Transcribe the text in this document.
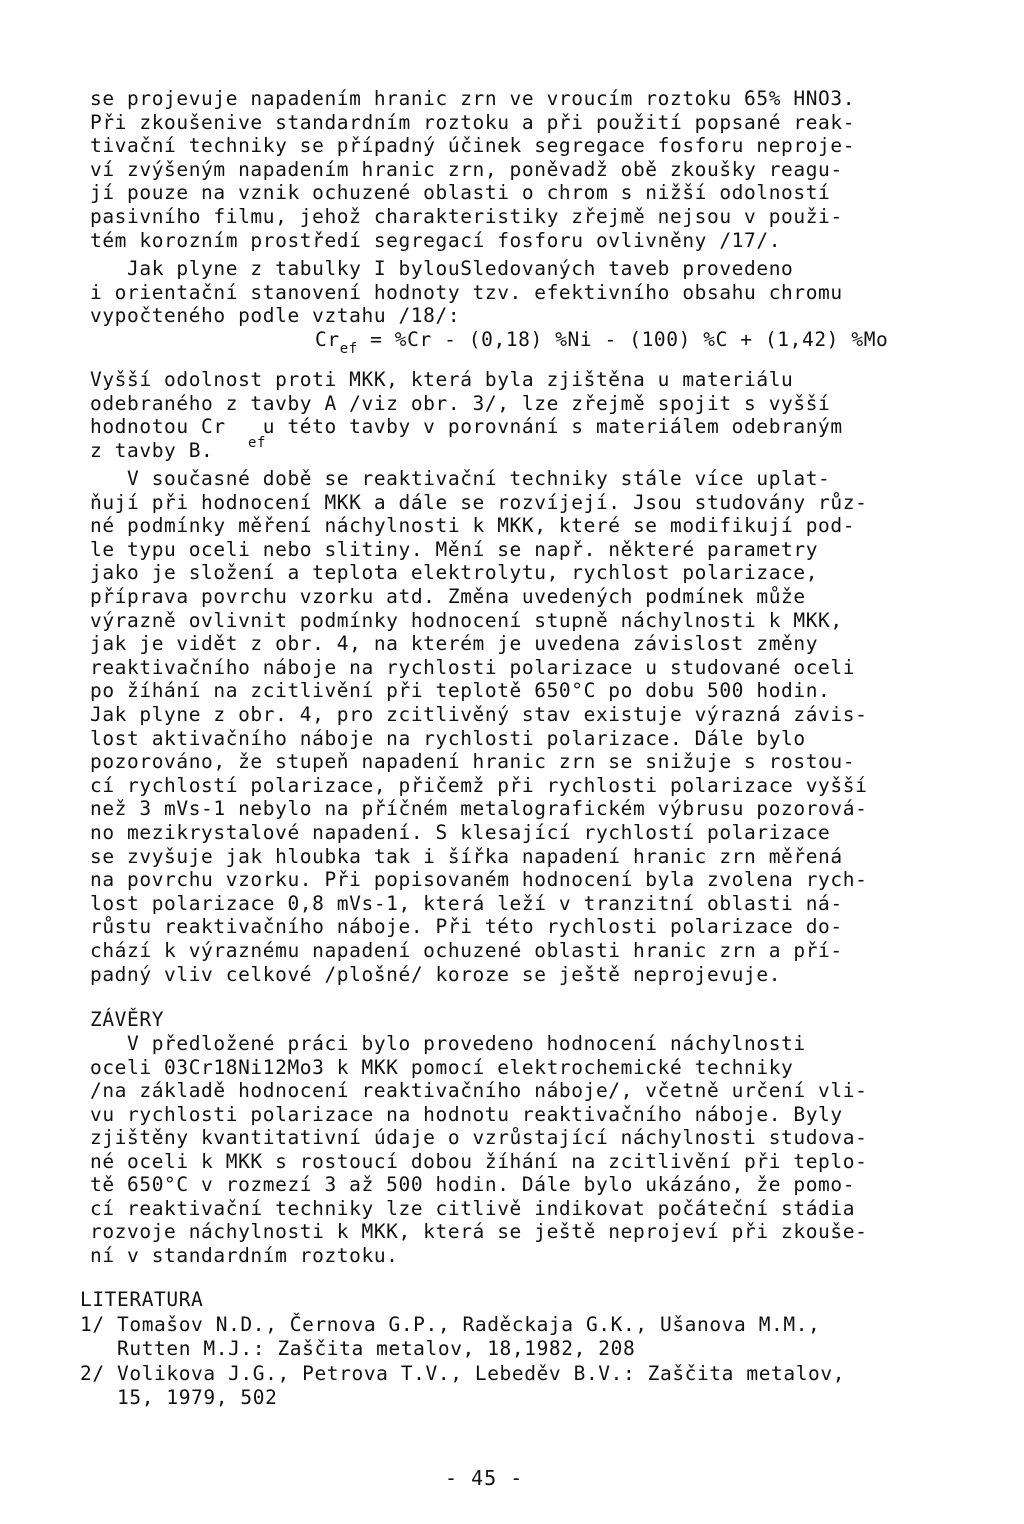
se projevuje napadením hranic zrn ve vroucím roztoku 65% HNO3.
Při zkoušenive standardním roztoku a při použití popsané reak-
tivační techniky se případný účinek segregace fosforu neproje-
ví zvýšeným napadením hranic zrn, poněvadž obě zkoušky reagu-
jí pouze na vznik ochuzené oblasti o chrom s nižší odolností
pasivního filmu, jehož charakteristiky zřejmě nejsou v použi-
tém korozním prostředí segregací fosforu ovlivněny /17/.
Jak plyne z tabulky I bylouSledovaných taveb provedeno
i orientační stanovení hodnoty tzv. efektivního obsahu chromu
vypočteného podle vztahu /18/:
$Cr_{ef} = \%Cr - (0,18)$ %Ni - (100) %C + (1,42) %Mo
Vyšší odolnost proti MKK, která byla zjištěna u materiálu
odebraného z tavby A /viz obr. 3/, lze zřejmě spojit s vyšší
hodnotou Cr   u této tavby v porovnání s materiálem odebraným
ef
z tavby B.
V současné době se reaktivační techniky stále více uplat-
ňují při hodnocení MKK a dále se rozvíjejí. Jsou studovány růz-
né podmínky měření náchylnosti k MKK, které se modifikují pod-
le typu oceli nebo slitiny. Mění se např. některé parametry
jako je složení a teplota elektrolytu, rychlost polarizace,
příprava povrchu vzorku atd. Změna uvedených podmínek může
výrazně ovlivnit podmínky hodnocení stupně náchylnosti k MKK,
jak je vidět z obr. 4, na kterém je uvedena závislost změny
reaktivačního náboje na rychlosti polarizace u studované oceli
po žíhání na zcitlivění při teplotě 650°C po dobu 500 hodin.
Jak plyne z obr. 4, pro zcitlivěný stav existuje výrazná závis-
lost aktivačního náboje na rychlosti polarizace. Dále bylo
pozorováno, že stupeň napadení hranic zrn se snižuje s rostou-
cí rychlostí polarizace, přičemž při rychlosti polarizace vyšší
než 3 mVs-1 nebylo na příčném metalografickém výbrusu pozorová-
no mezikrystalové napadení. S klesající rychlostí polarizace
se zvyšuje jak hloubka tak i šířka napadení hranic zrn měřená
na povrchu vzorku. Při popisovaném hodnocení byla zvolena rych-
lost polarizace 0,8 mVs-1, která leží v tranzitní oblasti ná-
růstu reaktivačního náboje. Při této rychlosti polarizace do-
chází k výraznému napadení ochuzené oblasti hranic zrn a pří-
padný vliv celkové /plošné/ koroze se ještě neprojevuje.
ZÁVĚRY
V předložené práci bylo provedeno hodnocení náchylnosti
oceli 03Cr18Ni12Mo3 k MKK pomocí elektrochemické techniky
/na základě hodnocení reaktivačního náboje/, včetně určení vli-
vu rychlosti polarizace na hodnotu reaktivačního náboje. Byly
zjištěny kvantitativní údaje o vzrůstající náchylnosti studova-
né oceli k MKK s rostoucí dobou žíhání na zcitlivění při teplo-
tě 650°C v rozmezí 3 až 500 hodin. Dále bylo ukázáno, že pomo-
cí reaktivační techniky lze citlivě indikovat počáteční stádia
rozvoje náchylnosti k MKK, která se ještě neprojeví při zkouše-
ní v standardním roztoku.
LITERATURA
1/ Tomašov N.D., Černova G.P., Raděckaja G.K., Ušanova M.M.,
Rutten M.J.: Zaščita metalov, 18,1982, 208
2/ Volikova J.G., Petrova T.V., Lebeděv B.V.: Zaščita metalov,
15, 1979, 502
- 45 -
